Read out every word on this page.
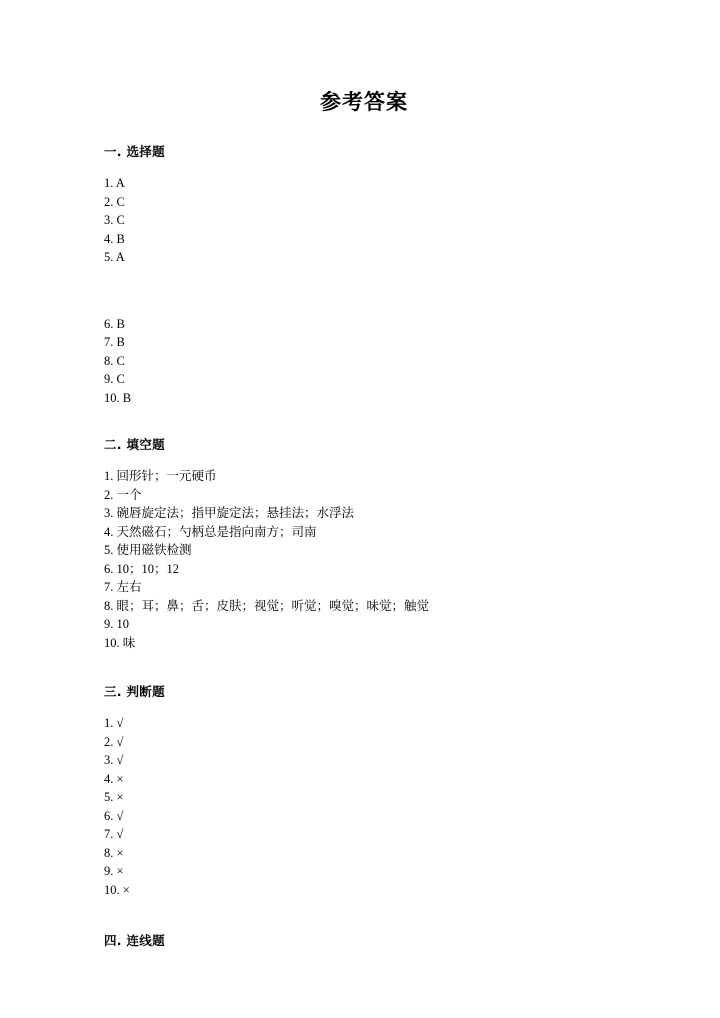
参考答案
一. 选择题
1. A
2. C
3. C
4. B
5. A
6. B
7. B
8. C
9. C
10. B
二. 填空题
1. 回形针；一元硬币
2. 一个
3. 碗唇旋定法；指甲旋定法；悬挂法；水浮法
4. 天然磁石；勺柄总是指向南方；司南
5. 使用磁铁检测
6. 10；10；12
7. 左右
8. 眼；耳；鼻；舌；皮肤；视觉；听觉；嗅觉；味觉；触觉
9. 10
10. 味
三. 判断题
1. √
2. √
3. √
4. ×
5. ×
6. √
7. √
8. ×
9. ×
10. ×
四. 连线题
